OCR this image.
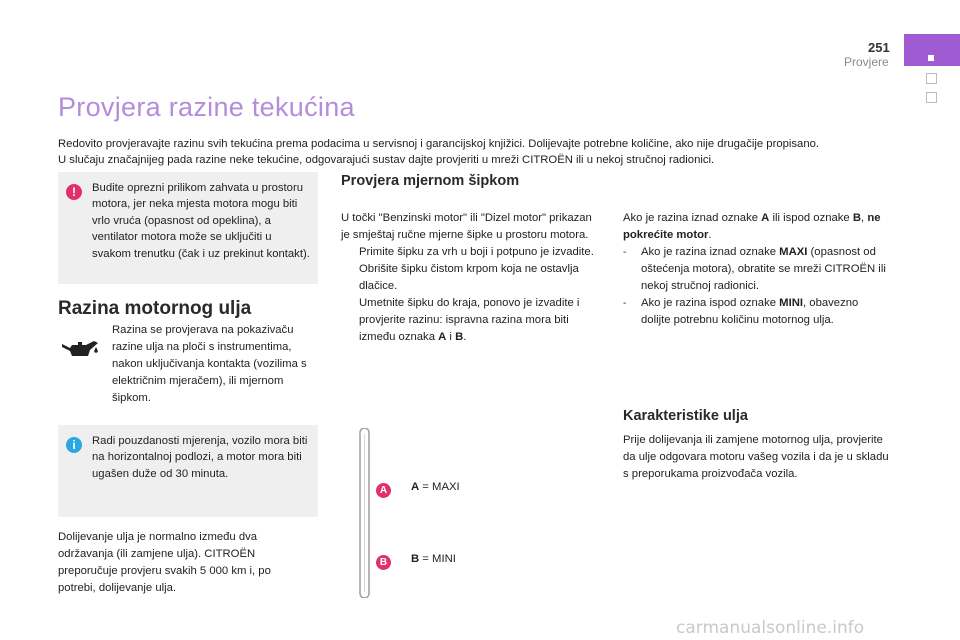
251
Provjere
Provjera razine tekućina

Redovito provjeravajte razinu svih tekućina prema podacima u servisnoj i garancijskoj knjižici. Dolijevajte potrebne količine, ako nije drugačije propisano.

U slučaju značajnijeg pada razine neke tekućine, odgovarajući sustav dajte provjeriti u mreži CITROËN ili u nekoj stručnoj radionici.

!	Budite oprezni prilikom zahvata u prostoru motora, jer neka mjesta motora mogu biti vrlo vruća (opasnost od opeklina), a ventilator motora može se uključiti u svakom trenutku (čak i uz prekinut kontakt).
Razina motornog ulja
Razina se provjerava na pokazivaču razine ulja na ploči s instrumentima, nakon uključivanja kontakta (vozilima s električnim mjeračem), ili mjernom šipkom.
i	Radi pouzdanosti mjerenja, vozilo mora biti na horizontalnoj podlozi, a motor mora biti ugašen duže od 30 minuta.
Dolijevanje ulja je normalno između dva održavanja (ili zamjene ulja). CITROËN preporučuje provjeru svakih 5 000 km i, po potrebi, dolijevanje ulja.
Provjera mjernom šipkom
U točki "Benzinski motor" ili "Dizel motor" prikazan je smještaj ručne mjerne šipke u prostoru motora.
Primite šipku za vrh u boji i potpuno je izvadite.
Obrišite šipku čistom krpom koja ne ostavlja dlačice.
Umetnite šipku do kraja, ponovo je izvadite i provjerite razinu: ispravna razina mora biti između oznaka A i B.
Ako je razina iznad oznake A ili ispod oznake B, ne pokrećite motor.
-	Ako je razina iznad oznake MAXI (opasnost od oštećenja motora), obratite se mreži CITROËN ili nekoj stručnoj radionici.
-	Ako je razina ispod oznake MINI, obavezno dolijte potrebnu količinu motornog ulja.
Karakteristike ulja
Prije dolijevanja ili zamjene motornog ulja, provjerite da ulje odgovara motoru vašeg vozila i da je u skladu s preporukama proizvođača vozila.
A
B
A = MAXI
B = MINI
carmanualsonline.info
